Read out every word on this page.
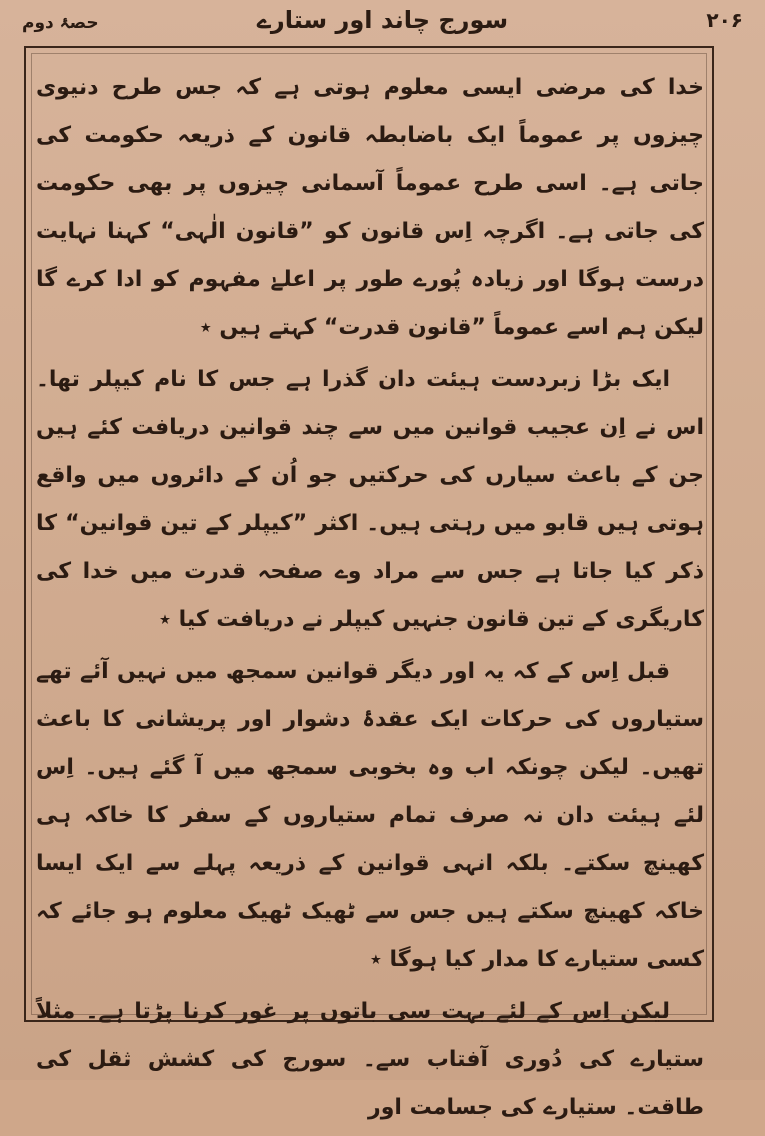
۲۰۶
سورج چاند اور ستارے
حصۂ دوم

خدا کی مرضی ایسی معلوم ہوتی ہے کہ جس طرح دنیوی چیزوں پر عموماً ایک باضابطہ قانون کے ذریعہ حکومت کی جاتی ہے۔ اسی طرح عموماً آسمانی چیزوں پر بھی حکومت کی جاتی ہے۔ اگرچہ اِس قانون کو ”قانون الٰہی“ کہنا نہایت درست ہوگا اور زیادہ پُورے طور پر اعلےٰ مفہوم کو ادا کرے گا لیکن ہم اسے عموماً ”قانون قدرت“ کہتے ہیں ٭

ایک بڑا زبردست ہیئت دان گذرا ہے جس کا نام کیپلر تھا۔ اس نے اِن عجیب قوانین میں سے چند قوانین دریافت کئے ہیں جن کے باعث سیارں کی حرکتیں جو اُن کے دائروں میں واقع ہوتی ہیں قابو میں رہتی ہیں۔ اکثر ”کیپلر کے تین قوانین“ کا ذکر کیا جاتا ہے جس سے مراد وے صفحہ قدرت میں خدا کی کاریگری کے تین قانون جنہیں کیپلر نے دریافت کیا ٭

قبل اِس کے کہ یہ اور دیگر قوانین سمجھ میں نہیں آئے تھے ستیاروں کی حرکات ایک عقدۂ دشوار اور پریشانی کا باعث تھیں۔ لیکن چونکہ اب وہ بخوبی سمجھ میں آ گئے ہیں۔ اِس لئے ہیئت دان نہ صرف تمام ستیاروں کے سفر کا خاکہ ہی کھینچ سکتے۔ بلکہ انہی قوانین کے ذریعہ پہلے سے ایک ایسا خاکہ کھینچ سکتے ہیں جس سے ٹھیک ٹھیک معلوم ہو جائے کہ کسی ستیارے کا مدار کیا ہوگا ٭

لیکن اِس کے لئے بہت سی باتوں پر غور کرنا پڑتا ہے۔ مثلاً ستیارے کی دُوری آفتاب سے۔ سورج کی کشش ثقل کی طاقت۔ ستیارے کی جسامت اور
